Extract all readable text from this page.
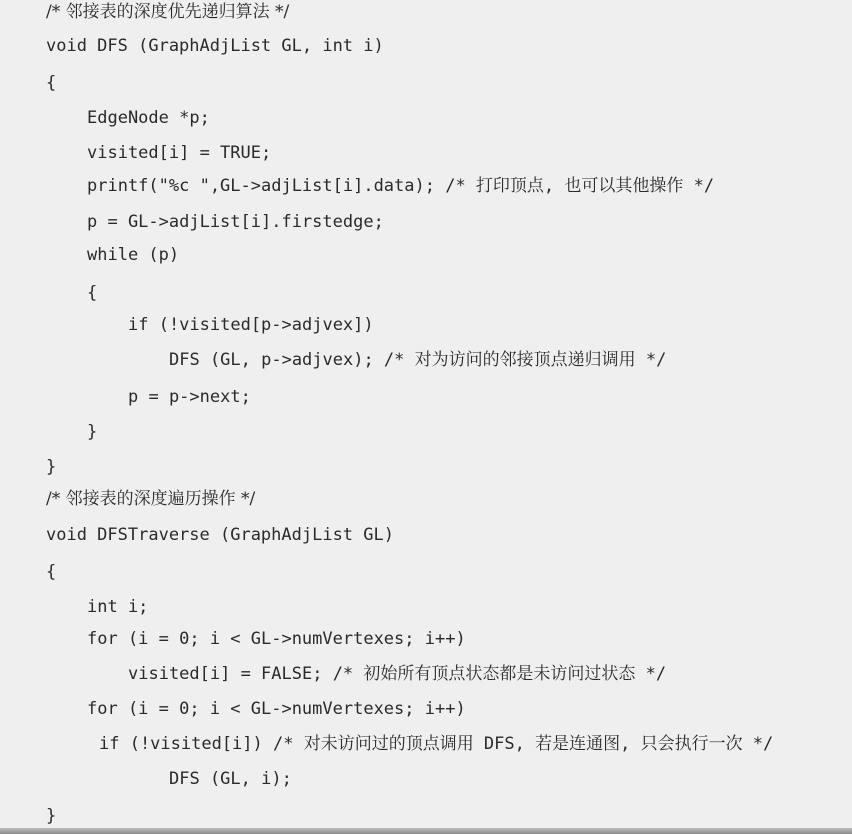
/* 邻接表的深度优先递归算法 */
void DFS (GraphAdjList GL, int i)
{
EdgeNode *p;
visited[i] = TRUE;
printf("%c ",GL->adjList[i].data); /* 打印顶点, 也可以其他操作 */
p = GL->adjList[i].firstedge;
while (p)
{
if (!visited[p->adjvex])
DFS (GL, p->adjvex); /* 对为访问的邻接顶点递归调用 */
p = p->next;
}
}
/* 邻接表的深度遍历操作 */
void DFSTraverse (GraphAdjList GL)
{
int i;
for (i = 0; i < GL->numVertexes; i++)
visited[i] = FALSE; /* 初始所有顶点状态都是未访问过状态 */
for (i = 0; i < GL->numVertexes; i++)
if (!visited[i]) /* 对未访问过的顶点调用 DFS, 若是连通图, 只会执行一次 */
DFS (GL, i);
}
